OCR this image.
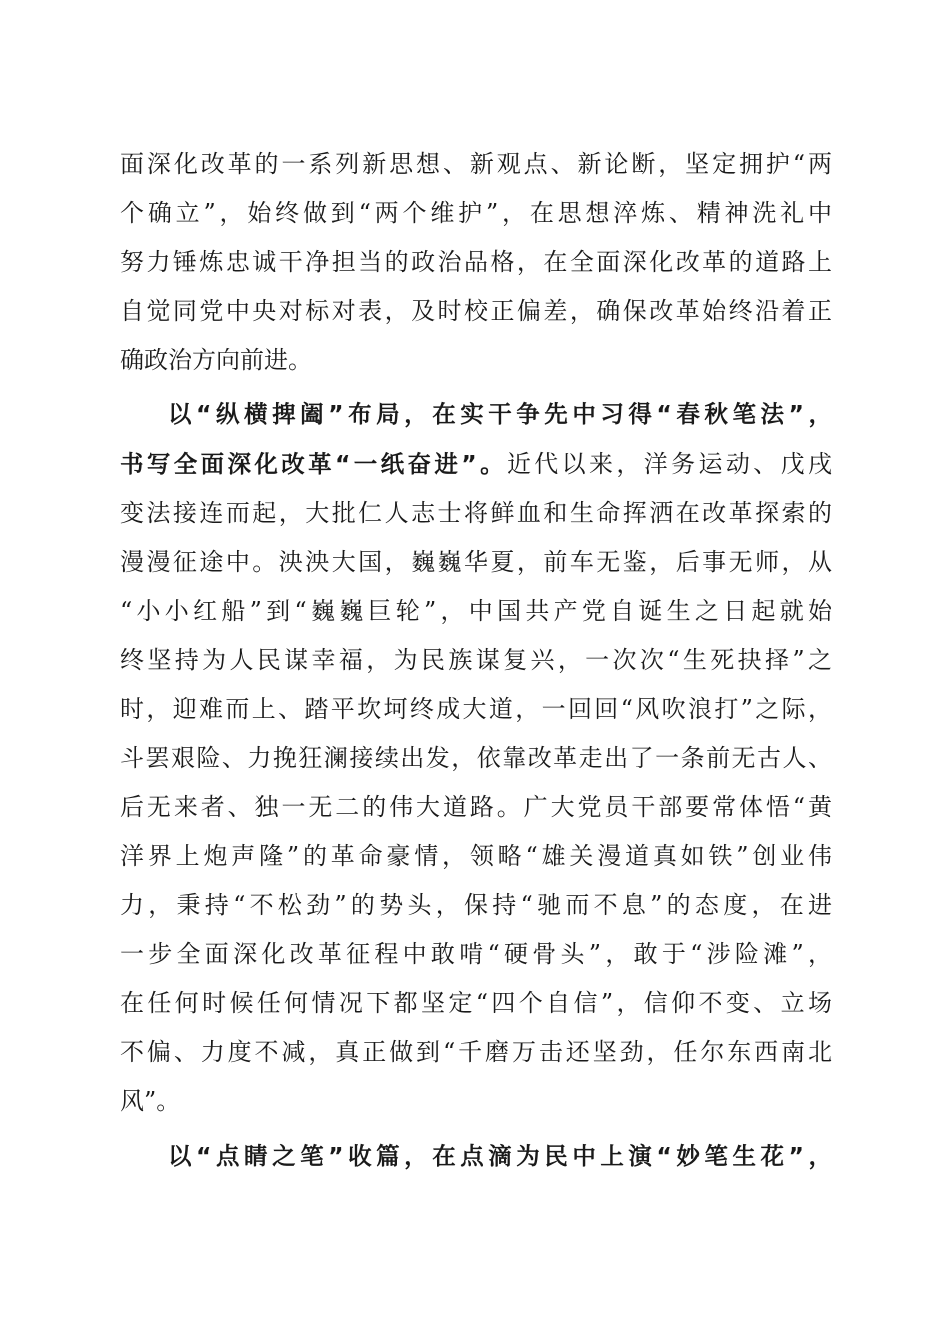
面深化改革的一系列新思想、新观点、新论断，坚定拥护“两
个确立”，始终做到“两个维护”，在思想淬炼、精神洗礼中
努力锤炼忠诚干净担当的政治品格，在全面深化改革的道路上
自觉同党中央对标对表，及时校正偏差，确保改革始终沿着正
确政治方向前进。
以“纵横捭阖”布局，在实干争先中习得“春秋笔法”，
书写全面深化改革“一纸奋进”。近代以来，洋务运动、戊戌
变法接连而起，大批仁人志士将鲜血和生命挥洒在改革探索的
漫漫征途中。泱泱大国，巍巍华夏，前车无鉴，后事无师，从
“小小红船”到“巍巍巨轮”，中国共产党自诞生之日起就始
终坚持为人民谋幸福，为民族谋复兴，一次次“生死抉择”之
时，迎难而上、踏平坎坷终成大道，一回回“风吹浪打”之际，
斗罢艰险、力挽狂澜接续出发，依靠改革走出了一条前无古人、
后无来者、独一无二的伟大道路。广大党员干部要常体悟“黄
洋界上炮声隆”的革命豪情，领略“雄关漫道真如铁”创业伟
力，秉持“不松劲”的势头，保持“驰而不息”的态度，在进
一步全面深化改革征程中敢啃“硬骨头”，敢于“涉险滩”，
在任何时候任何情况下都坚定“四个自信”，信仰不变、立场
不偏、力度不减，真正做到“千磨万击还坚劲，任尔东西南北
风”。
以“点睛之笔”收篇，在点滴为民中上演“妙笔生花”，
